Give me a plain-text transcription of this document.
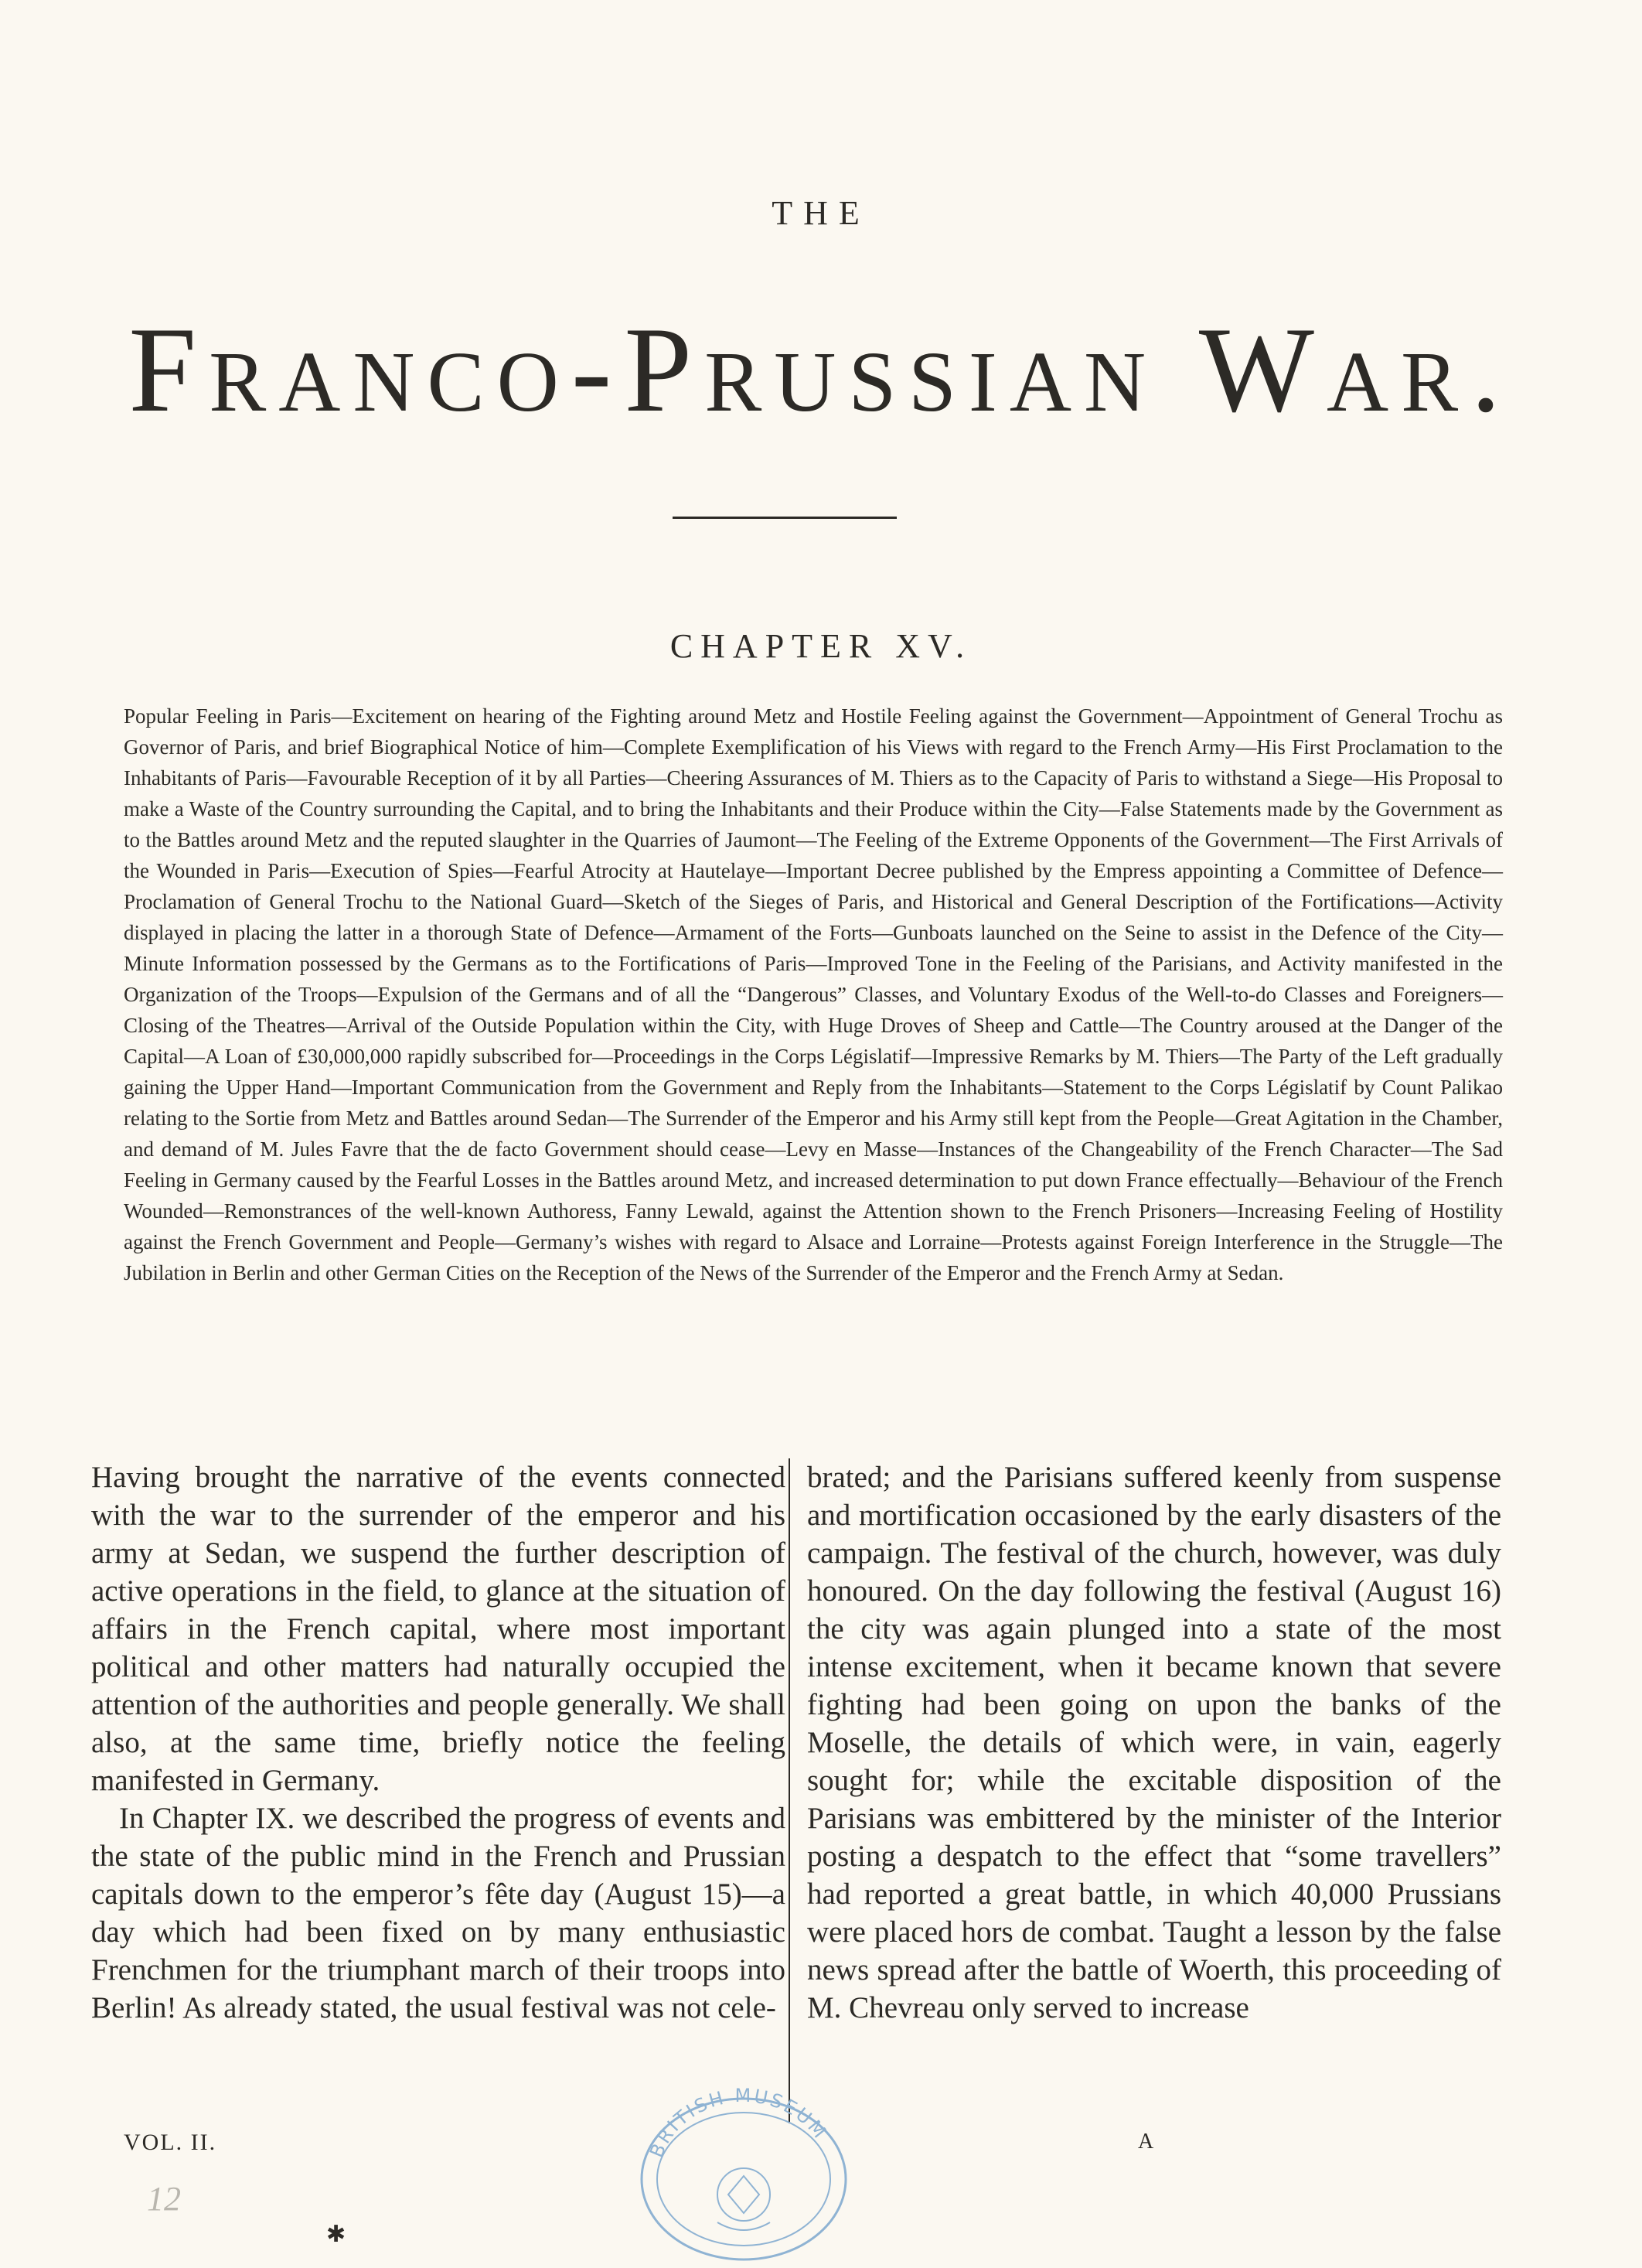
THE
Franco-Prussian War.
CHAPTER XV.
Popular Feeling in Paris—Excitement on hearing of the Fighting around Metz and Hostile Feeling against the Government—Appointment of General Trochu as Governor of Paris, and brief Biographical Notice of him—Complete Exemplification of his Views with regard to the French Army—His First Proclamation to the Inhabitants of Paris—Favourable Reception of it by all Parties—Cheering Assurances of M. Thiers as to the Capacity of Paris to withstand a Siege—His Proposal to make a Waste of the Country surrounding the Capital, and to bring the Inhabitants and their Produce within the City—False Statements made by the Government as to the Battles around Metz and the reputed slaughter in the Quarries of Jaumont—The Feeling of the Extreme Opponents of the Government—The First Arrivals of the Wounded in Paris—Execution of Spies—Fearful Atrocity at Hautelaye—Important Decree published by the Empress appointing a Committee of Defence—Proclamation of General Trochu to the National Guard—Sketch of the Sieges of Paris, and Historical and General Description of the Fortifications—Activity displayed in placing the latter in a thorough State of Defence—Armament of the Forts—Gunboats launched on the Seine to assist in the Defence of the City—Minute Information possessed by the Germans as to the Fortifications of Paris—Improved Tone in the Feeling of the Parisians, and Activity manifested in the Organization of the Troops—Expulsion of the Germans and of all the “Dangerous” Classes, and Voluntary Exodus of the Well-to-do Classes and Foreigners—Closing of the Theatres—Arrival of the Outside Population within the City, with Huge Droves of Sheep and Cattle—The Country aroused at the Danger of the Capital—A Loan of £30,000,000 rapidly subscribed for—Proceedings in the Corps Législatif—Impressive Remarks by M. Thiers—The Party of the Left gradually gaining the Upper Hand—Important Communication from the Government and Reply from the Inhabitants—Statement to the Corps Législatif by Count Palikao relating to the Sortie from Metz and Battles around Sedan—The Surrender of the Emperor and his Army still kept from the People—Great Agitation in the Chamber, and demand of M. Jules Favre that the de facto Government should cease—Levy en Masse—Instances of the Changeability of the French Character—The Sad Feeling in Germany caused by the Fearful Losses in the Battles around Metz, and increased determination to put down France effectually—Behaviour of the French Wounded—Remonstrances of the well-known Authoress, Fanny Lewald, against the Attention shown to the French Prisoners—Increasing Feeling of Hostility against the French Government and People—Germany’s wishes with regard to Alsace and Lorraine—Protests against Foreign Interference in the Struggle—The Jubilation in Berlin and other German Cities on the Reception of the News of the Surrender of the Emperor and the French Army at Sedan.

Having brought the narrative of the events connected with the war to the surrender of the emperor and his army at Sedan, we suspend the further description of active operations in the field, to glance at the situation of affairs in the French capital, where most important political and other matters had naturally occupied the attention of the authorities and people generally. We shall also, at the same time, briefly notice the feeling manifested in Germany.

In Chapter IX. we described the progress of events and the state of the public mind in the French and Prussian capitals down to the emperor’s fête day (August 15)—a day which had been fixed on by many enthusiastic Frenchmen for the triumphant march of their troops into Berlin! As already stated, the usual festival was not cele-

brated; and the Parisians suffered keenly from suspense and mortification occasioned by the early disasters of the campaign. The festival of the church, however, was duly honoured. On the day following the festival (August 16) the city was again plunged into a state of the most intense excitement, when it became known that severe fighting had been going on upon the banks of the Moselle, the details of which were, in vain, eagerly sought for; while the excitable disposition of the Parisians was embittered by the minister of the Interior posting a despatch to the effect that “some travellers” had reported a great battle, in which 40,000 Prussians were placed hors de combat. Taught a lesson by the false news spread after the battle of Woerth, this proceeding of M. Chevreau only served to increase

VOL. II.	A
12
✱
BRITISH MUSEUM
